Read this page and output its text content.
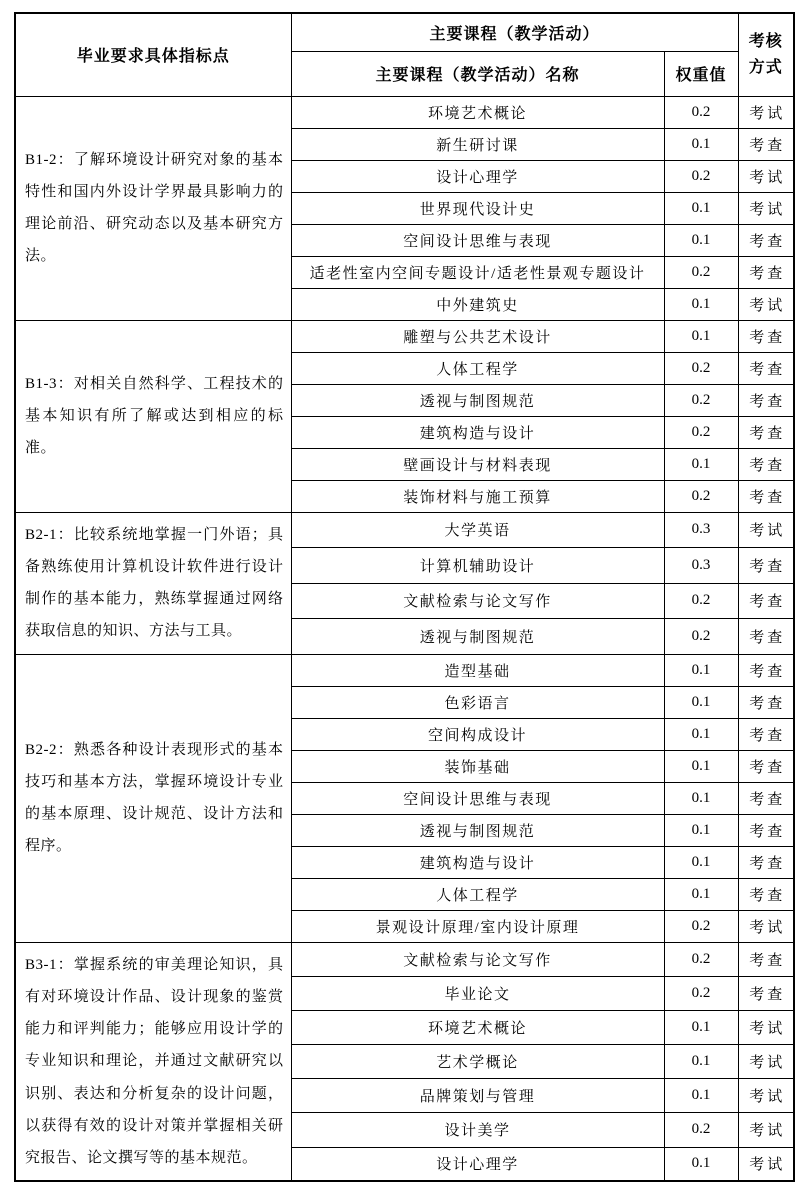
毕业要求具体指标点	主要课程（教学活动）		考核方式
	主要课程（教学活动）名称	权重值	
B1-2：了解环境设计研究对象的基本特性和国内外设计学界最具影响力的理论前沿、研究动态以及基本研究方法。	环境艺术概论	0.2	考试
	新生研讨课	0.1	考查
	设计心理学	0.2	考试
	世界现代设计史	0.1	考试
	空间设计思维与表现	0.1	考查
	适老性室内空间专题设计/适老性景观专题设计	0.2	考查
	中外建筑史	0.1	考试
B1-3：对相关自然科学、工程技术的基本知识有所了解或达到相应的标准。	雕塑与公共艺术设计	0.1	考查
	人体工程学	0.2	考查
	透视与制图规范	0.2	考查
	建筑构造与设计	0.2	考查
	壁画设计与材料表现	0.1	考查
	装饰材料与施工预算	0.2	考查
B2-1：比较系统地掌握一门外语；具备熟练使用计算机设计软件进行设计制作的基本能力，熟练掌握通过网络获取信息的知识、方法与工具。	大学英语	0.3	考试
	计算机辅助设计	0.3	考查
	文献检索与论文写作	0.2	考查
	透视与制图规范	0.2	考查
B2-2：熟悉各种设计表现形式的基本技巧和基本方法，掌握环境设计专业的基本原理、设计规范、设计方法和程序。	造型基础	0.1	考查
	色彩语言	0.1	考查
	空间构成设计	0.1	考查
	装饰基础	0.1	考查
	空间设计思维与表现	0.1	考查
	透视与制图规范	0.1	考查
	建筑构造与设计	0.1	考查
	人体工程学	0.1	考查
	景观设计原理/室内设计原理	0.2	考试
B3-1：掌握系统的审美理论知识，具有对环境设计作品、设计现象的鉴赏能力和评判能力；能够应用设计学的专业知识和理论，并通过文献研究以识别、表达和分析复杂的设计问题，以获得有效的设计对策并掌握相关研究报告、论文撰写等的基本规范。	文献检索与论文写作	0.2	考查
	毕业论文	0.2	考查
	环境艺术概论	0.1	考试
	艺术学概论	0.1	考试
	品牌策划与管理	0.1	考试
	设计美学	0.2	考试
	设计心理学	0.1	考试
